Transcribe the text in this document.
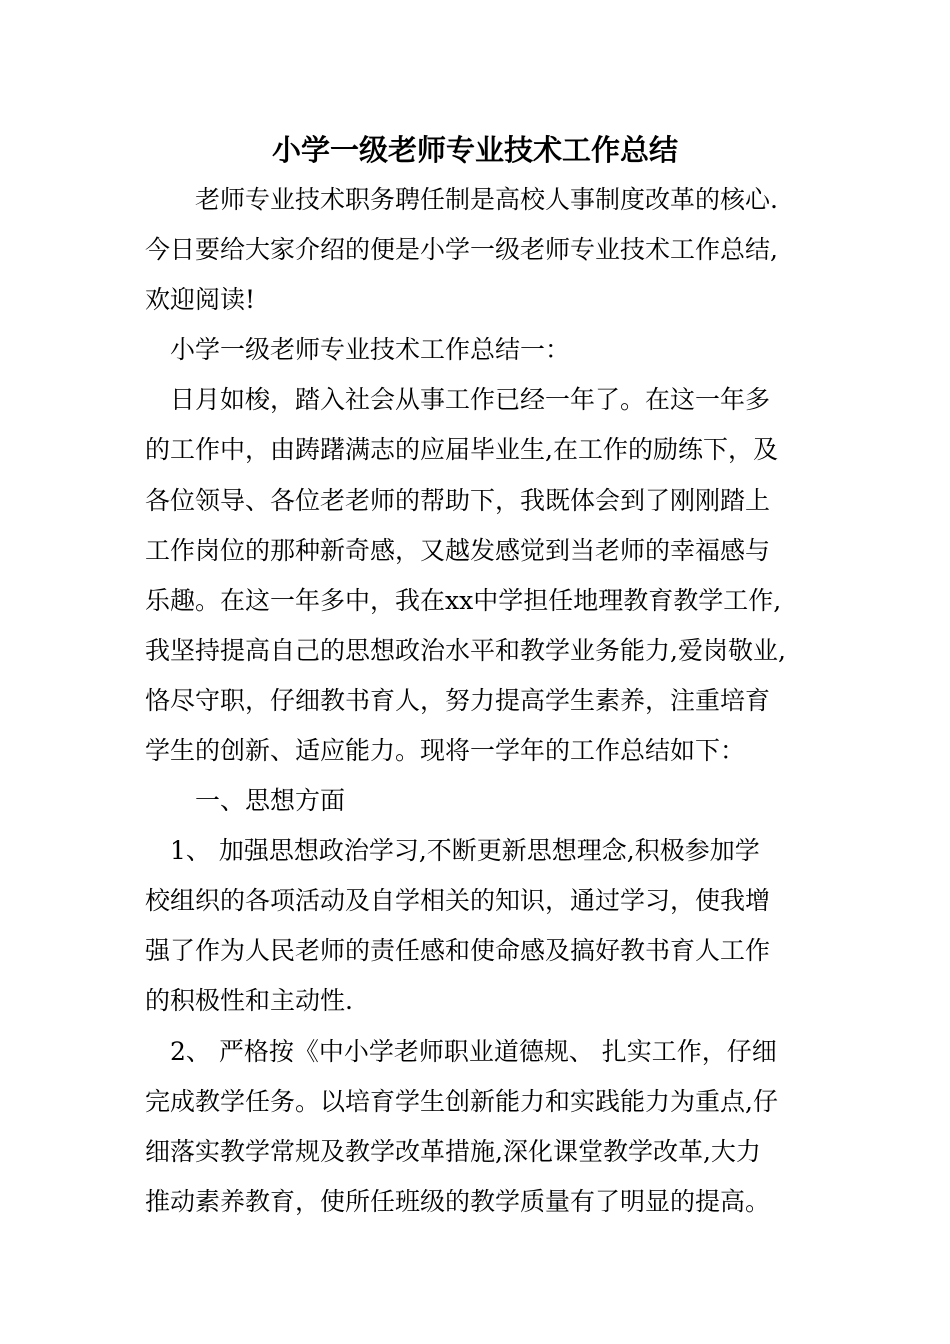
小学一级老师专业技术工作总结

老师专业技术职务聘任制是高校人事制度改革的核心.

今日要给大家介绍的便是小学一级老师专业技术工作总结,

欢迎阅读!

小学一级老师专业技术工作总结一：

日月如梭，踏入社会从事工作已经一年了。在这一年多

的工作中，由踌躇满志的应届毕业生,在工作的励练下，及

各位领导、各位老老师的帮助下，我既体会到了刚刚踏上

工作岗位的那种新奇感，又越发感觉到当老师的幸福感与

乐趣。在这一年多中，我在xx中学担任地理教育教学工作,

我坚持提高自己的思想政治水平和教学业务能力,爱岗敬业,

恪尽守职，仔细教书育人，努力提高学生素养，注重培育

学生的创新、适应能力。现将一学年的工作总结如下：

一、思想方面

1、 加强思想政治学习,不断更新思想理念,积极参加学

校组织的各项活动及自学相关的知识，通过学习，使我增

强了作为人民老师的责任感和使命感及搞好教书育人工作

的积极性和主动性.

2、 严格按《中小学老师职业道德规、 扎实工作，仔细

完成教学任务。以培育学生创新能力和实践能力为重点,仔

细落实教学常规及教学改革措施,深化课堂教学改革,大力

推动素养教育，使所任班级的教学质量有了明显的提高。
